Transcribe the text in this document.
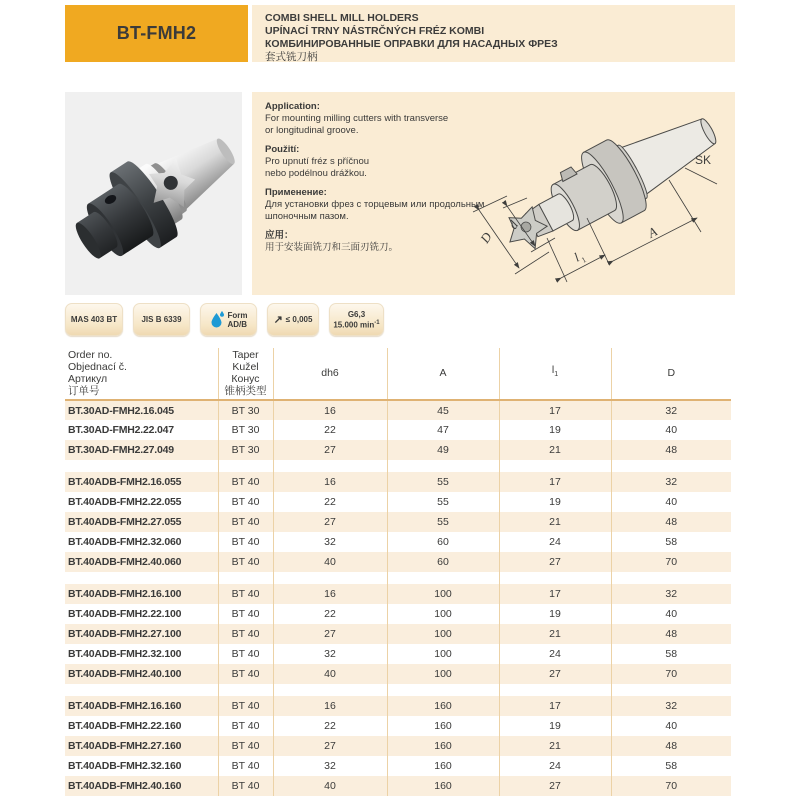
BT-FMH2
COMBI SHELL MILL HOLDERS
UPÍNACÍ TRNY NÁSTRČNÝCH FRÉZ KOMBI
КОМБИНИРОВАННЫЕ ОПРАВКИ ДЛЯ НАСАДНЫХ ФРЕЗ
套式铣刀柄
Application:
For mounting milling cutters with transverse
or longitudinal groove.
Použití:
Pro upnutí fréz s příčnou
nebo podélnou drážkou.
Применение:
Для установки фрез с торцевым или продольным
шпоночным пазом.
应用：
用于安装面铣刀和三面刃铣刀。
D
d
l
1
A
SK
MAS 403 BT	JIS B 6339	Form
AD/B ↗ ≤ 0,005
G6,3
15.000 $\min^{-1}$
Order no.
Objednací č.
Артикул
订单号

Taper
Kužel
Конус
锥柄类型
	dh6	A	$l_1$	D
BT.30AD-FMH2.16.045	BT 30	16	45	17	32
BT.30AD-FMH2.22.047	BT 30	22	47	19	40
BT.30AD-FMH2.27.049	BT 30	27	49	21	48

BT.40ADB-FMH2.16.055	BT 40	16	55	17	32
BT.40ADB-FMH2.22.055	BT 40	22	55	19	40
BT.40ADB-FMH2.27.055	BT 40	27	55	21	48
BT.40ADB-FMH2.32.060	BT 40	32	60	24	58
BT.40ADB-FMH2.40.060	BT 40	40	60	27	70

BT.40ADB-FMH2.16.100	BT 40	16	100	17	32
BT.40ADB-FMH2.22.100	BT 40	22	100	19	40
BT.40ADB-FMH2.27.100	BT 40	27	100	21	48
BT.40ADB-FMH2.32.100	BT 40	32	100	24	58
BT.40ADB-FMH2.40.100	BT 40	40	100	27	70

BT.40ADB-FMH2.16.160	BT 40	16	160	17	32
BT.40ADB-FMH2.22.160	BT 40	22	160	19	40
BT.40ADB-FMH2.27.160	BT 40	27	160	21	48
BT.40ADB-FMH2.32.160	BT 40	32	160	24	58
BT.40ADB-FMH2.40.160	BT 40	40	160	27	70
